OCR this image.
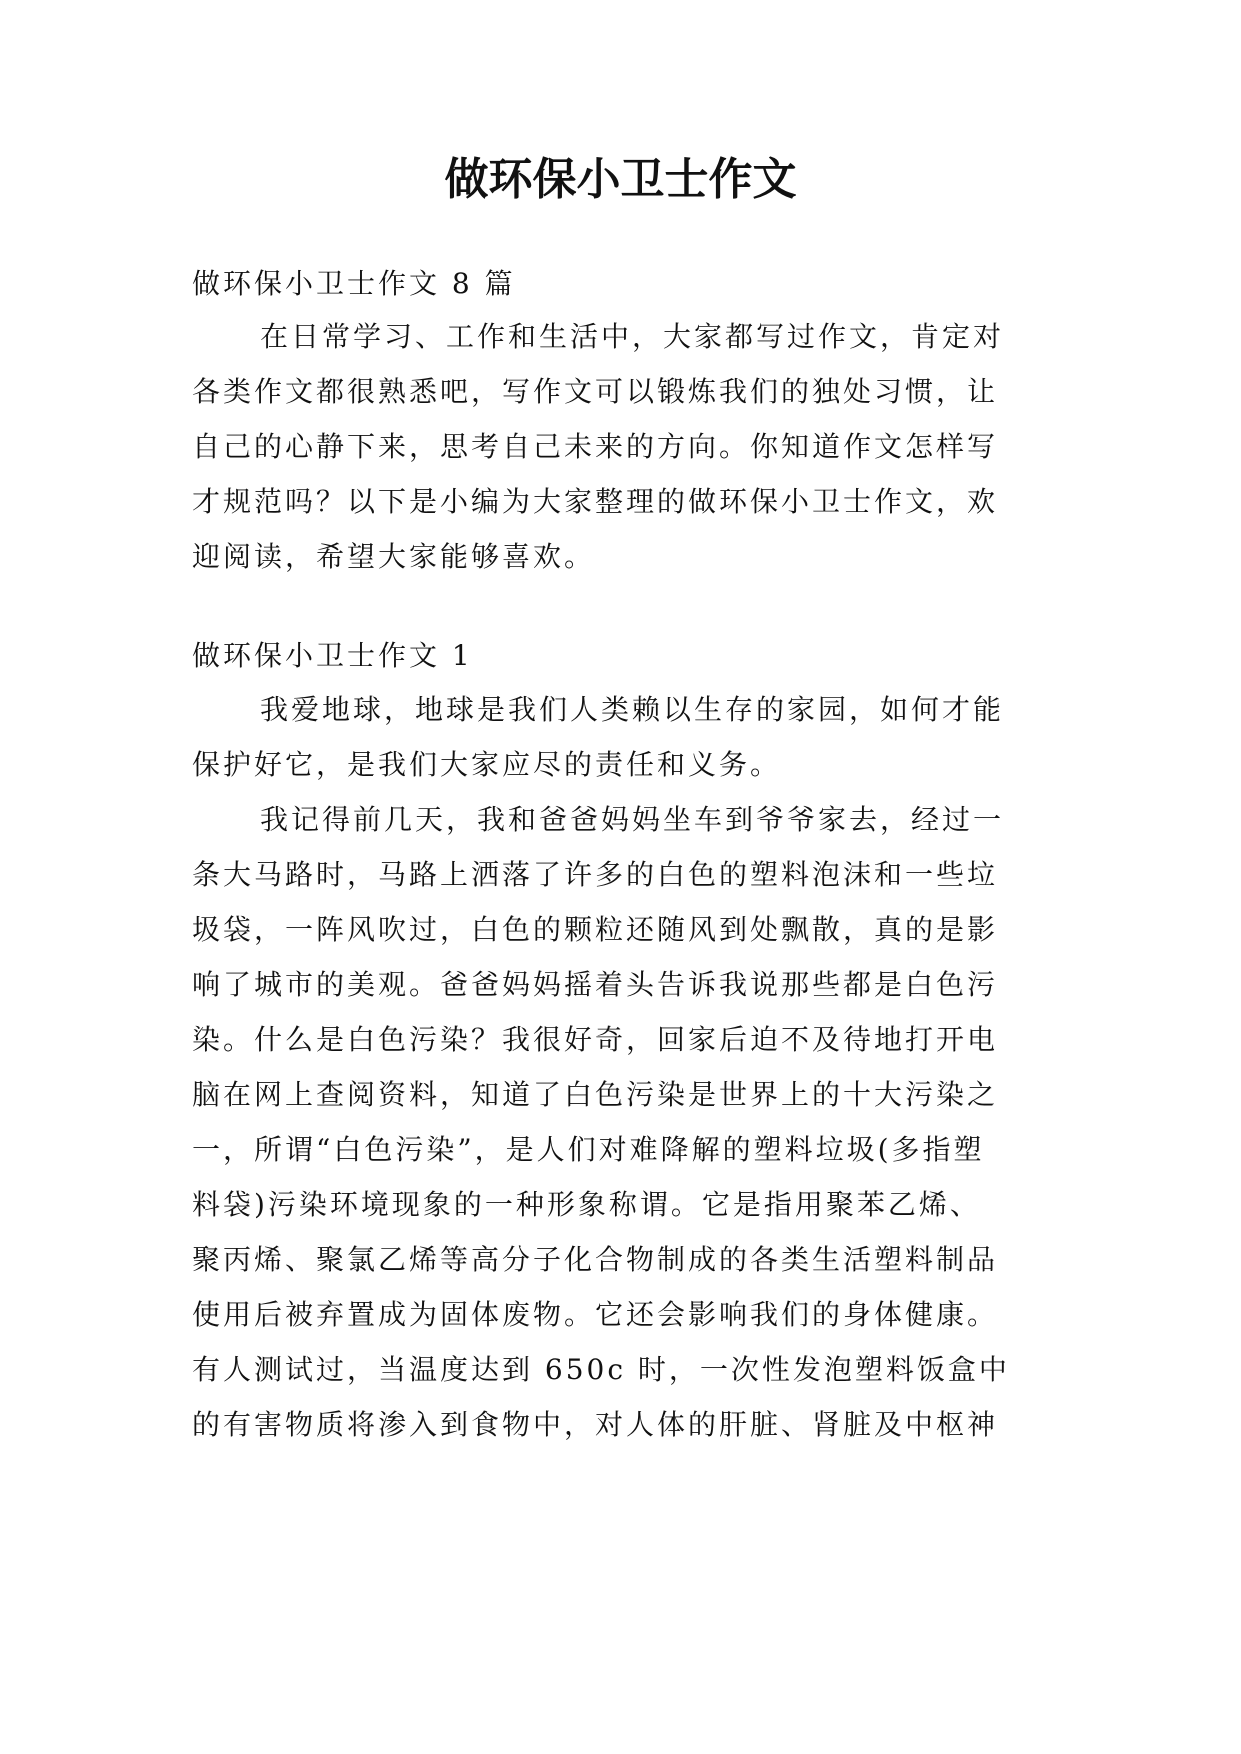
做环保小卫士作文
做环保小卫士作文 8 篇
在日常学习、工作和生活中，大家都写过作文，肯定对
各类作文都很熟悉吧，写作文可以锻炼我们的独处习惯，让
自己的心静下来，思考自己未来的方向。你知道作文怎样写
才规范吗？以下是小编为大家整理的做环保小卫士作文，欢
迎阅读，希望大家能够喜欢。
做环保小卫士作文 1
我爱地球，地球是我们人类赖以生存的家园，如何才能
保护好它，是我们大家应尽的责任和义务。
我记得前几天，我和爸爸妈妈坐车到爷爷家去，经过一
条大马路时，马路上洒落了许多的白色的塑料泡沫和一些垃
圾袋，一阵风吹过，白色的颗粒还随风到处飘散，真的是影
响了城市的美观。爸爸妈妈摇着头告诉我说那些都是白色污
染。什么是白色污染？我很好奇，回家后迫不及待地打开电
脑在网上查阅资料，知道了白色污染是世界上的十大污染之
一，所谓“白色污染”，是人们对难降解的塑料垃圾(多指塑
料袋)污染环境现象的一种形象称谓。它是指用聚苯乙烯、
聚丙烯、聚氯乙烯等高分子化合物制成的各类生活塑料制品
使用后被弃置成为固体废物。它还会影响我们的身体健康。
有人测试过，当温度达到 650c 时，一次性发泡塑料饭盒中
的有害物质将渗入到食物中，对人体的肝脏、肾脏及中枢神
